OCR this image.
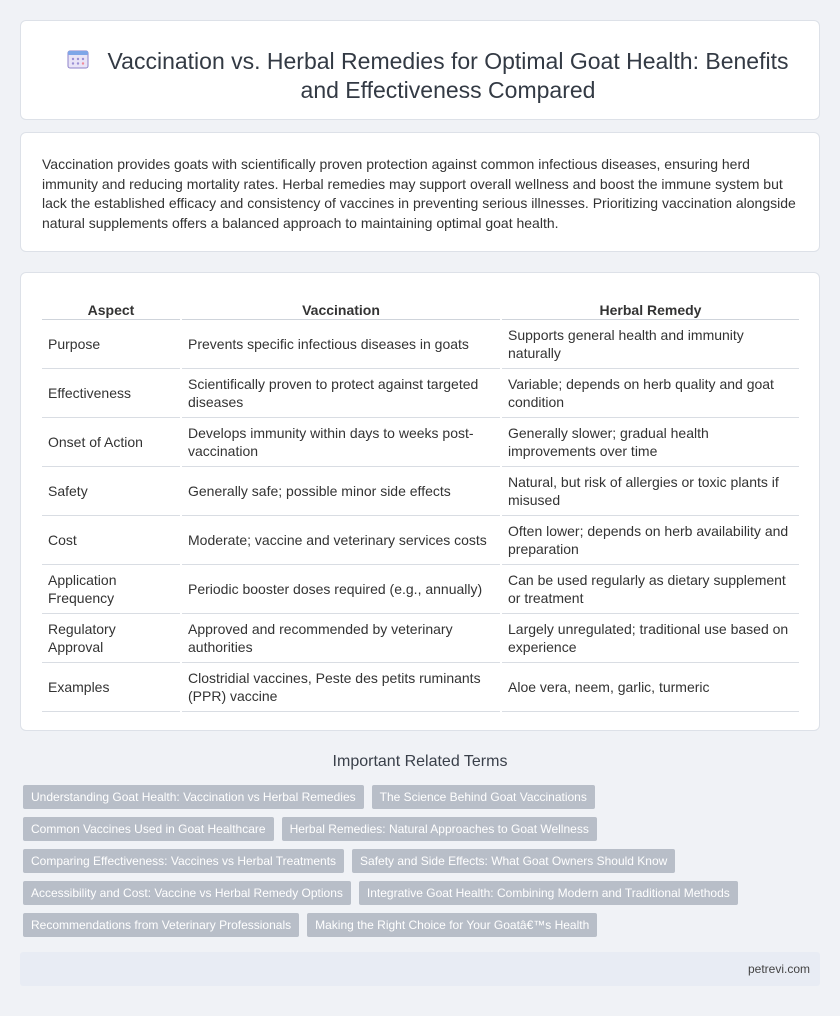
Vaccination vs. Herbal Remedies for Optimal Goat Health: Benefits and Effectiveness Compared

Vaccination provides goats with scientifically proven protection against common infectious diseases, ensuring herd immunity and reducing mortality rates. Herbal remedies may support overall wellness and boost the immune system but lack the established efficacy and consistency of vaccines in preventing serious illnesses. Prioritizing vaccination alongside natural supplements offers a balanced approach to maintaining optimal goat health.

Aspect	Vaccination	Herbal Remedy
Purpose	Prevents specific infectious diseases in goats	Supports general health and immunity naturally
Effectiveness	Scientifically proven to protect against targeted diseases	Variable; depends on herb quality and goat condition
Onset of Action	Develops immunity within days to weeks post-vaccination	Generally slower; gradual health improvements over time
Safety	Generally safe; possible minor side effects	Natural, but risk of allergies or toxic plants if misused
Cost	Moderate; vaccine and veterinary services costs	Often lower; depends on herb availability and preparation
Application Frequency	Periodic booster doses required (e.g., annually)	Can be used regularly as dietary supplement or treatment
Regulatory Approval	Approved and recommended by veterinary authorities	Largely unregulated; traditional use based on experience
Examples	Clostridial vaccines, Peste des petits ruminants (PPR) vaccine	Aloe vera, neem, garlic, turmeric
Important Related Terms
Understanding Goat Health: Vaccination vs Herbal Remedies	The Science Behind Goat Vaccinations
Common Vaccines Used in Goat Healthcare	Herbal Remedies: Natural Approaches to Goat Wellness
Comparing Effectiveness: Vaccines vs Herbal Treatments	Safety and Side Effects: What Goat Owners Should Know
Accessibility and Cost: Vaccine vs Herbal Remedy Options	Integrative Goat Health: Combining Modern and Traditional Methods
Recommendations from Veterinary Professionals	Making the Right Choice for Your Goatâ€™s Health
petrevi.com
